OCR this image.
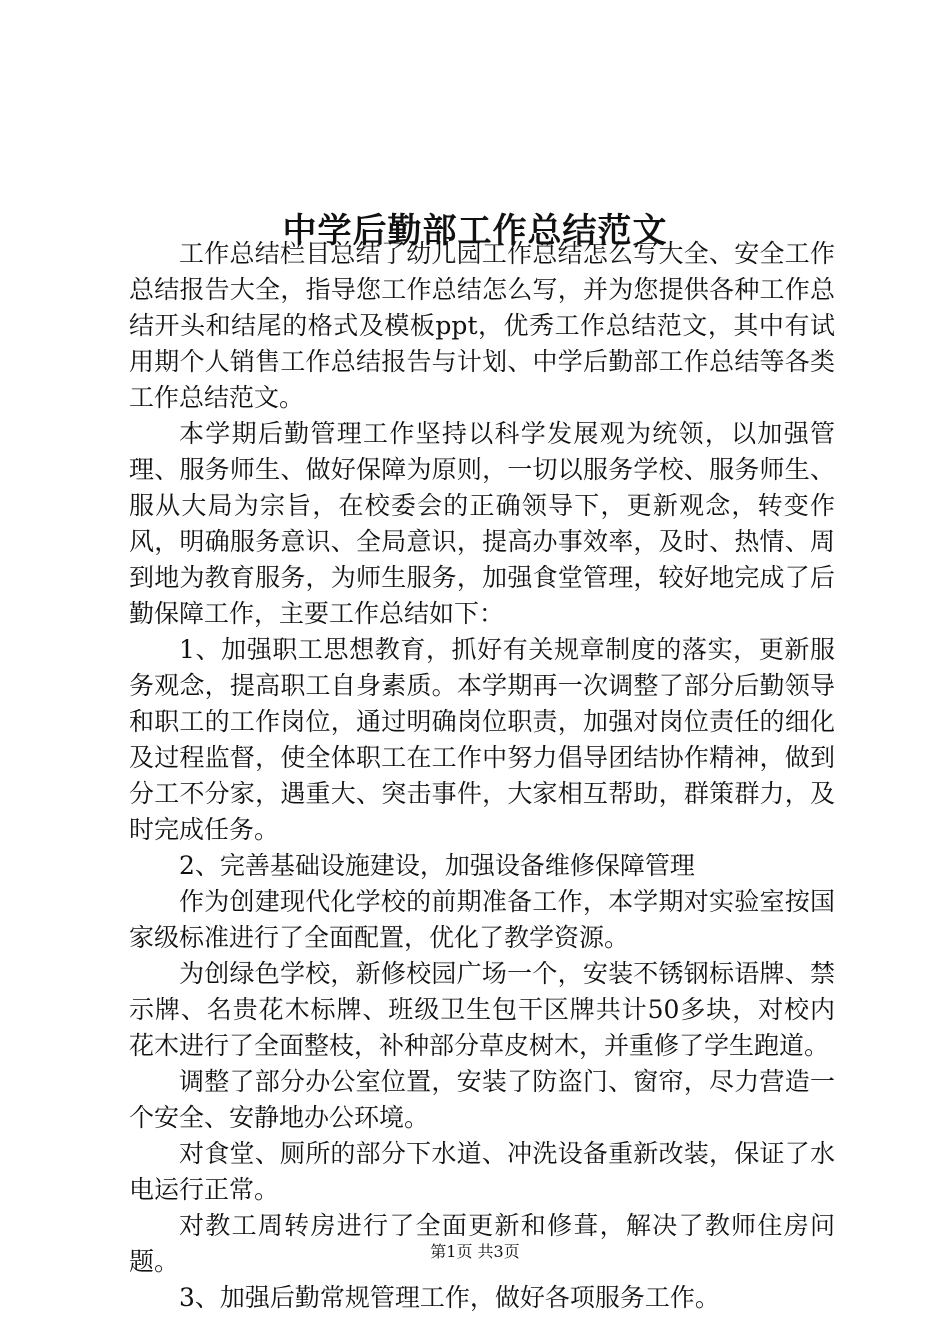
中学后勤部工作总结范文

工作总结栏目总结了幼儿园工作总结怎么写大全、安全工作总结报告大全，指导您工作总结怎么写，并为您提供各种工作总结开头和结尾的格式及模板ppt，优秀工作总结范文，其中有试用期个人销售工作总结报告与计划、中学后勤部工作总结等各类工作总结范文。

本学期后勤管理工作坚持以科学发展观为统领，以加强管理、服务师生、做好保障为原则，一切以服务学校、服务师生、服从大局为宗旨，在校委会的正确领导下，更新观念，转变作风，明确服务意识、全局意识，提高办事效率，及时、热情、周到地为教育服务，为师生服务，加强食堂管理，较好地完成了后勤保障工作，主要工作总结如下：

1、加强职工思想教育，抓好有关规章制度的落实，更新服务观念，提高职工自身素质。本学期再一次调整了部分后勤领导和职工的工作岗位，通过明确岗位职责，加强对岗位责任的细化及过程监督，使全体职工在工作中努力倡导团结协作精神，做到分工不分家，遇重大、突击事件，大家相互帮助，群策群力，及时完成任务。

2、完善基础设施建设，加强设备维修保障管理

作为创建现代化学校的前期准备工作，本学期对实验室按国家级标准进行了全面配置，优化了教学资源。

为创绿色学校，新修校园广场一个，安装不锈钢标语牌、禁示牌、名贵花木标牌、班级卫生包干区牌共计50多块，对校内花木进行了全面整枝，补种部分草皮树木，并重修了学生跑道。

调整了部分办公室位置，安装了防盗门、窗帘，尽力营造一个安全、安静地办公环境。

对食堂、厕所的部分下水道、冲洗设备重新改装，保证了水电运行正常。

对教工周转房进行了全面更新和修葺，解决了教师住房问题。

3、加强后勤常规管理工作，做好各项服务工作。

第1页 共3页
